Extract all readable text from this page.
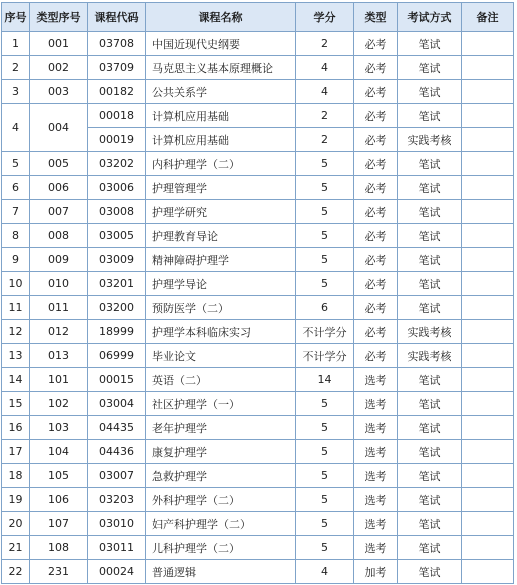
序号	类型序号	课程代码	课程名称	学分	类型	考试方式	备注
1	001	03708	中国近现代史纲要	2	必考	笔试	
2	002	03709	马克思主义基本原理概论	4	必考	笔试	
3	003	00182	公共关系学	4	必考	笔试	
4	004	00018	计算机应用基础	2	必考	笔试	
		00019	计算机应用基础	2	必考	实践考核	
5	005	03202	内科护理学（二）	5	必考	笔试	
6	006	03006	护理管理学	5	必考	笔试	
7	007	03008	护理学研究	5	必考	笔试	
8	008	03005	护理教育导论	5	必考	笔试	
9	009	03009	精神障碍护理学	5	必考	笔试	
10	010	03201	护理学导论	5	必考	笔试	
11	011	03200	预防医学（二）	6	必考	笔试	
12	012	18999	护理学本科临床实习	不计学分	必考	实践考核	
13	013	06999	毕业论文	不计学分	必考	实践考核	
14	101	00015	英语（二）	14	选考	笔试	
15	102	03004	社区护理学（一）	5	选考	笔试	
16	103	04435	老年护理学	5	选考	笔试	
17	104	04436	康复护理学	5	选考	笔试	
18	105	03007	急救护理学	5	选考	笔试	
19	106	03203	外科护理学（二）	5	选考	笔试	
20	107	03010	妇产科护理学（二）	5	选考	笔试	
21	108	03011	儿科护理学（二）	5	选考	笔试	
22	231	00024	普通逻辑	4	加考	笔试	
